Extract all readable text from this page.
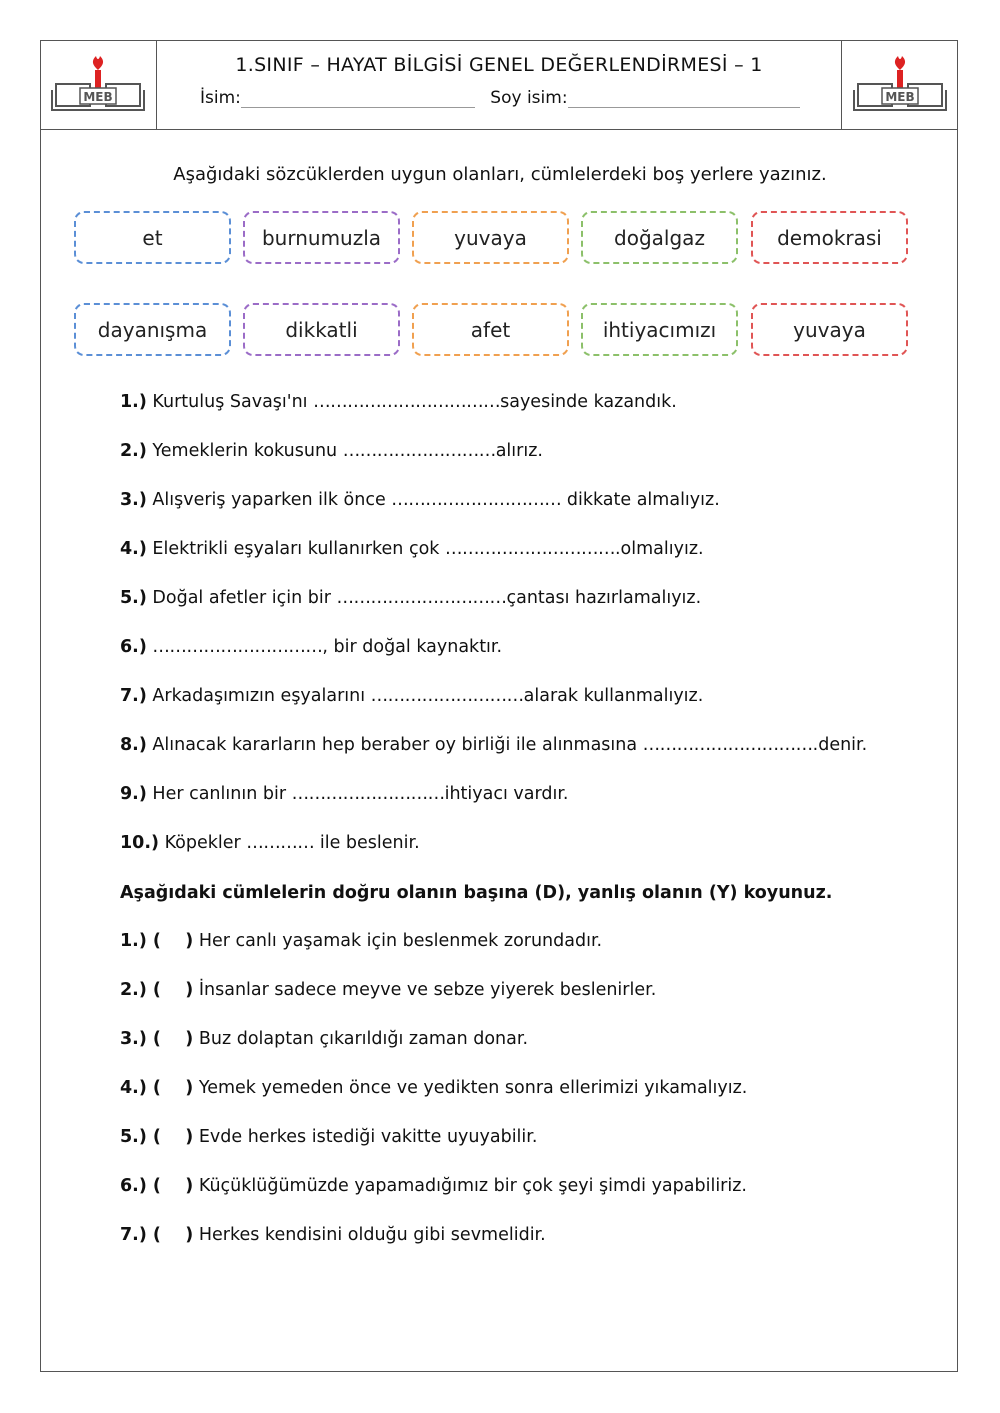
MEB
1.SINIF – HAYAT BİLGİSİ GENEL DEĞERLENDİRMESİ – 1
İsim:	Soy isim:	MEB
Aşağıdaki sözcüklerden uygun olanları, cümlelerdeki boş yerlere yazınız.
et	burnumuzla	yuvaya	doğalgaz	demokrasi
dayanışma	dikkatli	afet	ihtiyacımızı	yuvaya
1.) Kurtuluş Savaşı'nı ……………………………sayesinde kazandık.
2.) Yemeklerin kokusunu ………………………alırız.
3.) Alışveriş yaparken ilk önce ………………………… dikkate almalıyız.
4.) Elektrikli eşyaları kullanırken çok ………………………….olmalıyız.
5.) Doğal afetler için bir …………………………çantası hazırlamalıyız.
6.) …………………………, bir doğal kaynaktır.
7.) Arkadaşımızın eşyalarını ………………………alarak kullanmalıyız.
8.) Alınacak kararların hep beraber oy birliği ile alınmasına ………………………….denir.
9.) Her canlının bir ………………………ihtiyacı vardır.
10.) Köpekler ………… ile beslenir.
Aşağıdaki cümlelerin doğru olanın başına (D), yanlış olanın (Y) koyunuz.
1.) (    ) Her canlı yaşamak için beslenmek zorundadır.
2.) (    ) İnsanlar sadece meyve ve sebze yiyerek beslenirler.
3.) (    ) Buz dolaptan çıkarıldığı zaman donar.
4.) (    ) Yemek yemeden önce ve yedikten sonra ellerimizi yıkamalıyız.
5.) (    ) Evde herkes istediği vakitte uyuyabilir.
6.) (    ) Küçüklüğümüzde yapamadığımız bir çok şeyi şimdi yapabiliriz.
7.) (    ) Herkes kendisini olduğu gibi sevmelidir.
